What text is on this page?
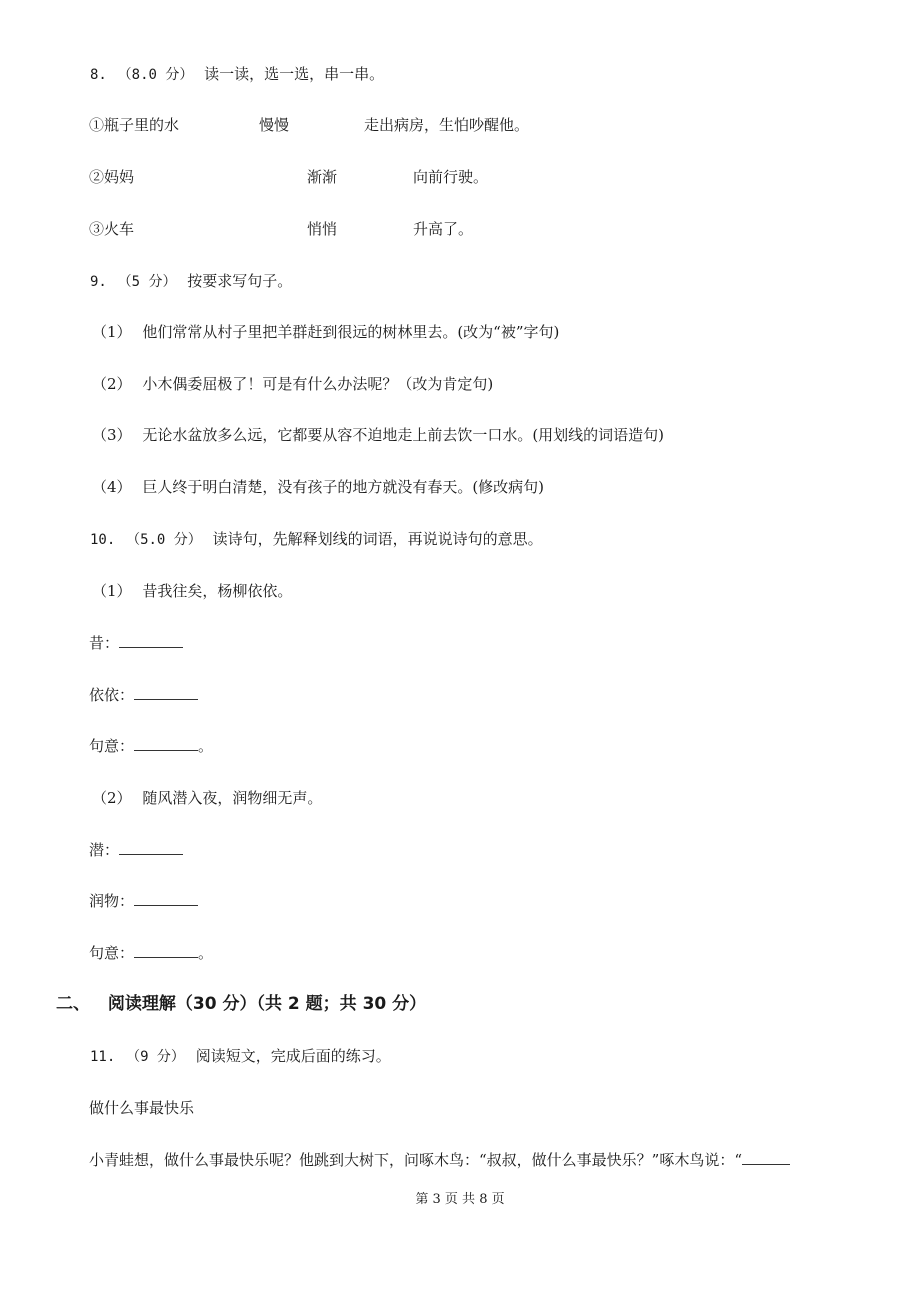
8. （8.0 分） 读一读，选一选，串一串。
①瓶子里的水	慢慢	走出病房，生怕吵醒他。
②妈妈	渐渐	向前行驶。
③火车	悄悄	升高了。
9. （5 分） 按要求写句子。
（1） 他们常常从村子里把羊群赶到很远的树林里去。(改为“被”字句)
（2） 小木偶委屈极了！可是有什么办法呢？（改为肯定句)
（3） 无论水盆放多么远，它都要从容不迫地走上前去饮一口水。(用划线的词语造句)
（4） 巨人终于明白清楚，没有孩子的地方就没有春天。(修改病句)
10. （5.0 分） 读诗句，先解释划线的词语，再说说诗句的意思。
（1） 昔我往矣，杨柳依依。
昔：
依依：
句意：	。
（2） 随风潜入夜，润物细无声。
潜：
润物：
句意：	。
二、 阅读理解（30 分）（共 2 题；共 30 分）
11. （9 分） 阅读短文，完成后面的练习。
做什么事最快乐
小青蛙想，做什么事最快乐呢？他跳到大树下，问啄木鸟：“叔叔，做什么事最快乐？”啄木鸟说：“
第 3 页 共 8 页
